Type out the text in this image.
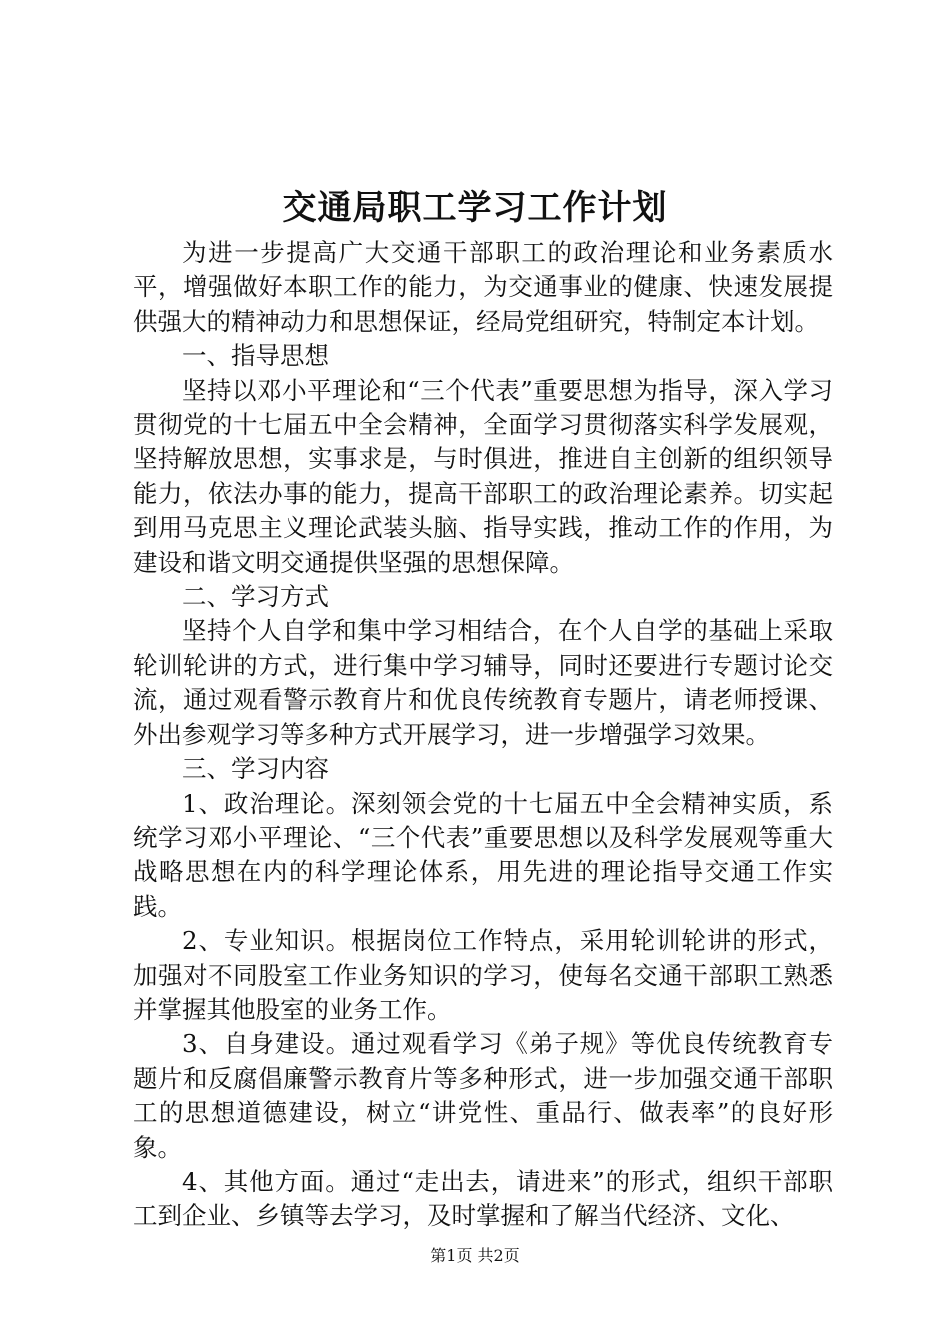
交通局职工学习工作计划

为进一步提高广大交通干部职工的政治理论和业务素质水平，增强做好本职工作的能力，为交通事业的健康、快速发展提供强大的精神动力和思想保证，经局党组研究，特制定本计划。

一、指导思想

坚持以邓小平理论和“三个代表”重要思想为指导，深入学习贯彻党的十七届五中全会精神，全面学习贯彻落实科学发展观，坚持解放思想，实事求是，与时俱进，推进自主创新的组织领导能力，依法办事的能力，提高干部职工的政治理论素养。切实起到用马克思主义理论武装头脑、指导实践，推动工作的作用，为建设和谐文明交通提供坚强的思想保障。

二、学习方式

坚持个人自学和集中学习相结合，在个人自学的基础上采取轮训轮讲的方式，进行集中学习辅导，同时还要进行专题讨论交流，通过观看警示教育片和优良传统教育专题片，请老师授课、外出参观学习等多种方式开展学习，进一步增强学习效果。

三、学习内容

1、政治理论。深刻领会党的十七届五中全会精神实质，系统学习邓小平理论、“三个代表”重要思想以及科学发展观等重大战略思想在内的科学理论体系，用先进的理论指导交通工作实践。

2、专业知识。根据岗位工作特点，采用轮训轮讲的形式，加强对不同股室工作业务知识的学习，使每名交通干部职工熟悉并掌握其他股室的业务工作。

3、自身建设。通过观看学习《弟子规》等优良传统教育专题片和反腐倡廉警示教育片等多种形式，进一步加强交通干部职工的思想道德建设，树立“讲党性、重品行、做表率”的良好形象。

4、其他方面。通过“走出去，请进来”的形式，组织干部职工到企业、乡镇等去学习，及时掌握和了解当代经济、文化、

第1页 共2页
